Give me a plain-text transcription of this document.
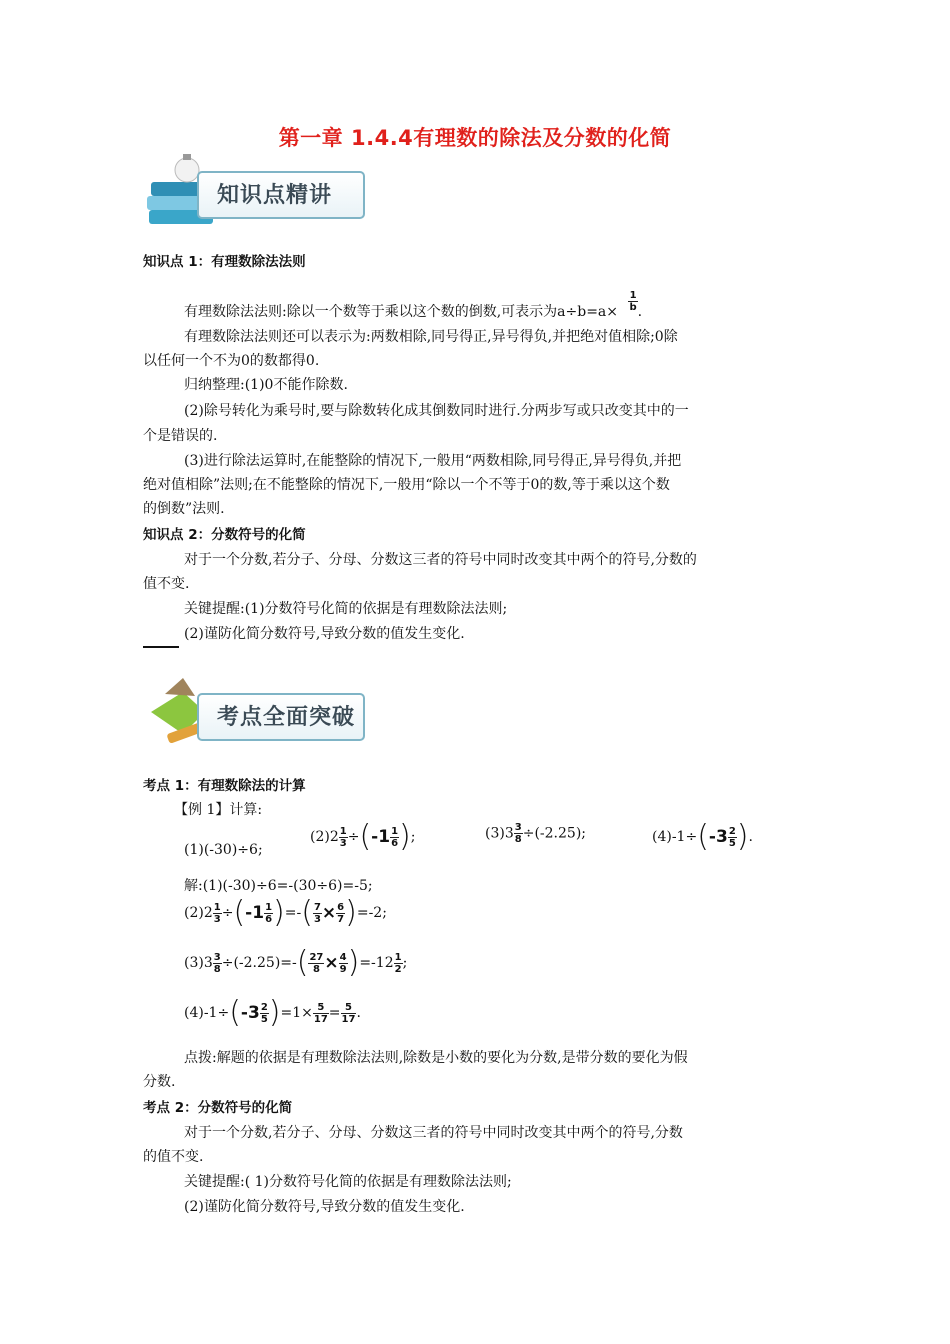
第一章 1.4.4有理数的除法及分数的化简
知识点精讲
知识点 1：有理数除法法则
有理数除法法则:除以一个数等于乘以这个数的倒数,可表示为$a\div b=a\times \frac{1}{b}$ .
有理数除法法则还可以表示为:两数相除,同号得正,异号得负,并把绝对值相除;0除
以任何一个不为0的数都得0.
归纳整理:(1)0不能作除数.
(2)除号转化为乘号时,要与除数转化成其倒数同时进行.分两步写或只改变其中的一
个是错误的.
(3)进行除法运算时,在能整除的情况下,一般用“两数相除,同号得正,异号得负,并把
绝对值相除”法则;在不能整除的情况下,一般用“除以一个不等于0的数,等于乘以这个数
的倒数”法则.
知识点 2：分数符号的化简
对于一个分数,若分子、分母、分数这三者的符号中同时改变其中两个的符号,分数的
值不变.
关键提醒:(1)分数符号化简的依据是有理数除法法则;
(2)谨防化简分数符号,导致分数的值发生变化.
考点全面突破
考点 1：有理数除法的计算
【例 1】计算:
(1)(-30)÷6;
$(2)2 \frac{1}{3} \div(-1 \frac{1}{6}$ );	$(3)3 \frac{3}{8} \div(-2.25)$;	$(4)-1\div(-3 \frac{2}{5}$ ).
解:(1)(-30)÷6=-(30÷6)=-5;
$(2)2 \frac{1}{3} \div(-1 \frac{1}{6}$ )=-( $\frac{7}{3} \times \frac{6}{7} )=-2$;
$(3)3 \frac{3}{8} \div(-2.25)=-( \frac{27}{8} \times \frac{4}{9} )=-12 \frac{1}{2}$ ;
$(4)-1\div(-3 \frac{2}{5} )=1\times \frac{5}{17} = \frac{5}{17}$ .
点拨:解题的依据是有理数除法法则,除数是小数的要化为分数,是带分数的要化为假
分数.
考点 2：分数符号的化简
对于一个分数,若分子、分母、分数这三者的符号中同时改变其中两个的符号,分数
的值不变.
关键提醒:( 1)分数符号化简的依据是有理数除法法则;
(2)谨防化简分数符号,导致分数的值发生变化.
